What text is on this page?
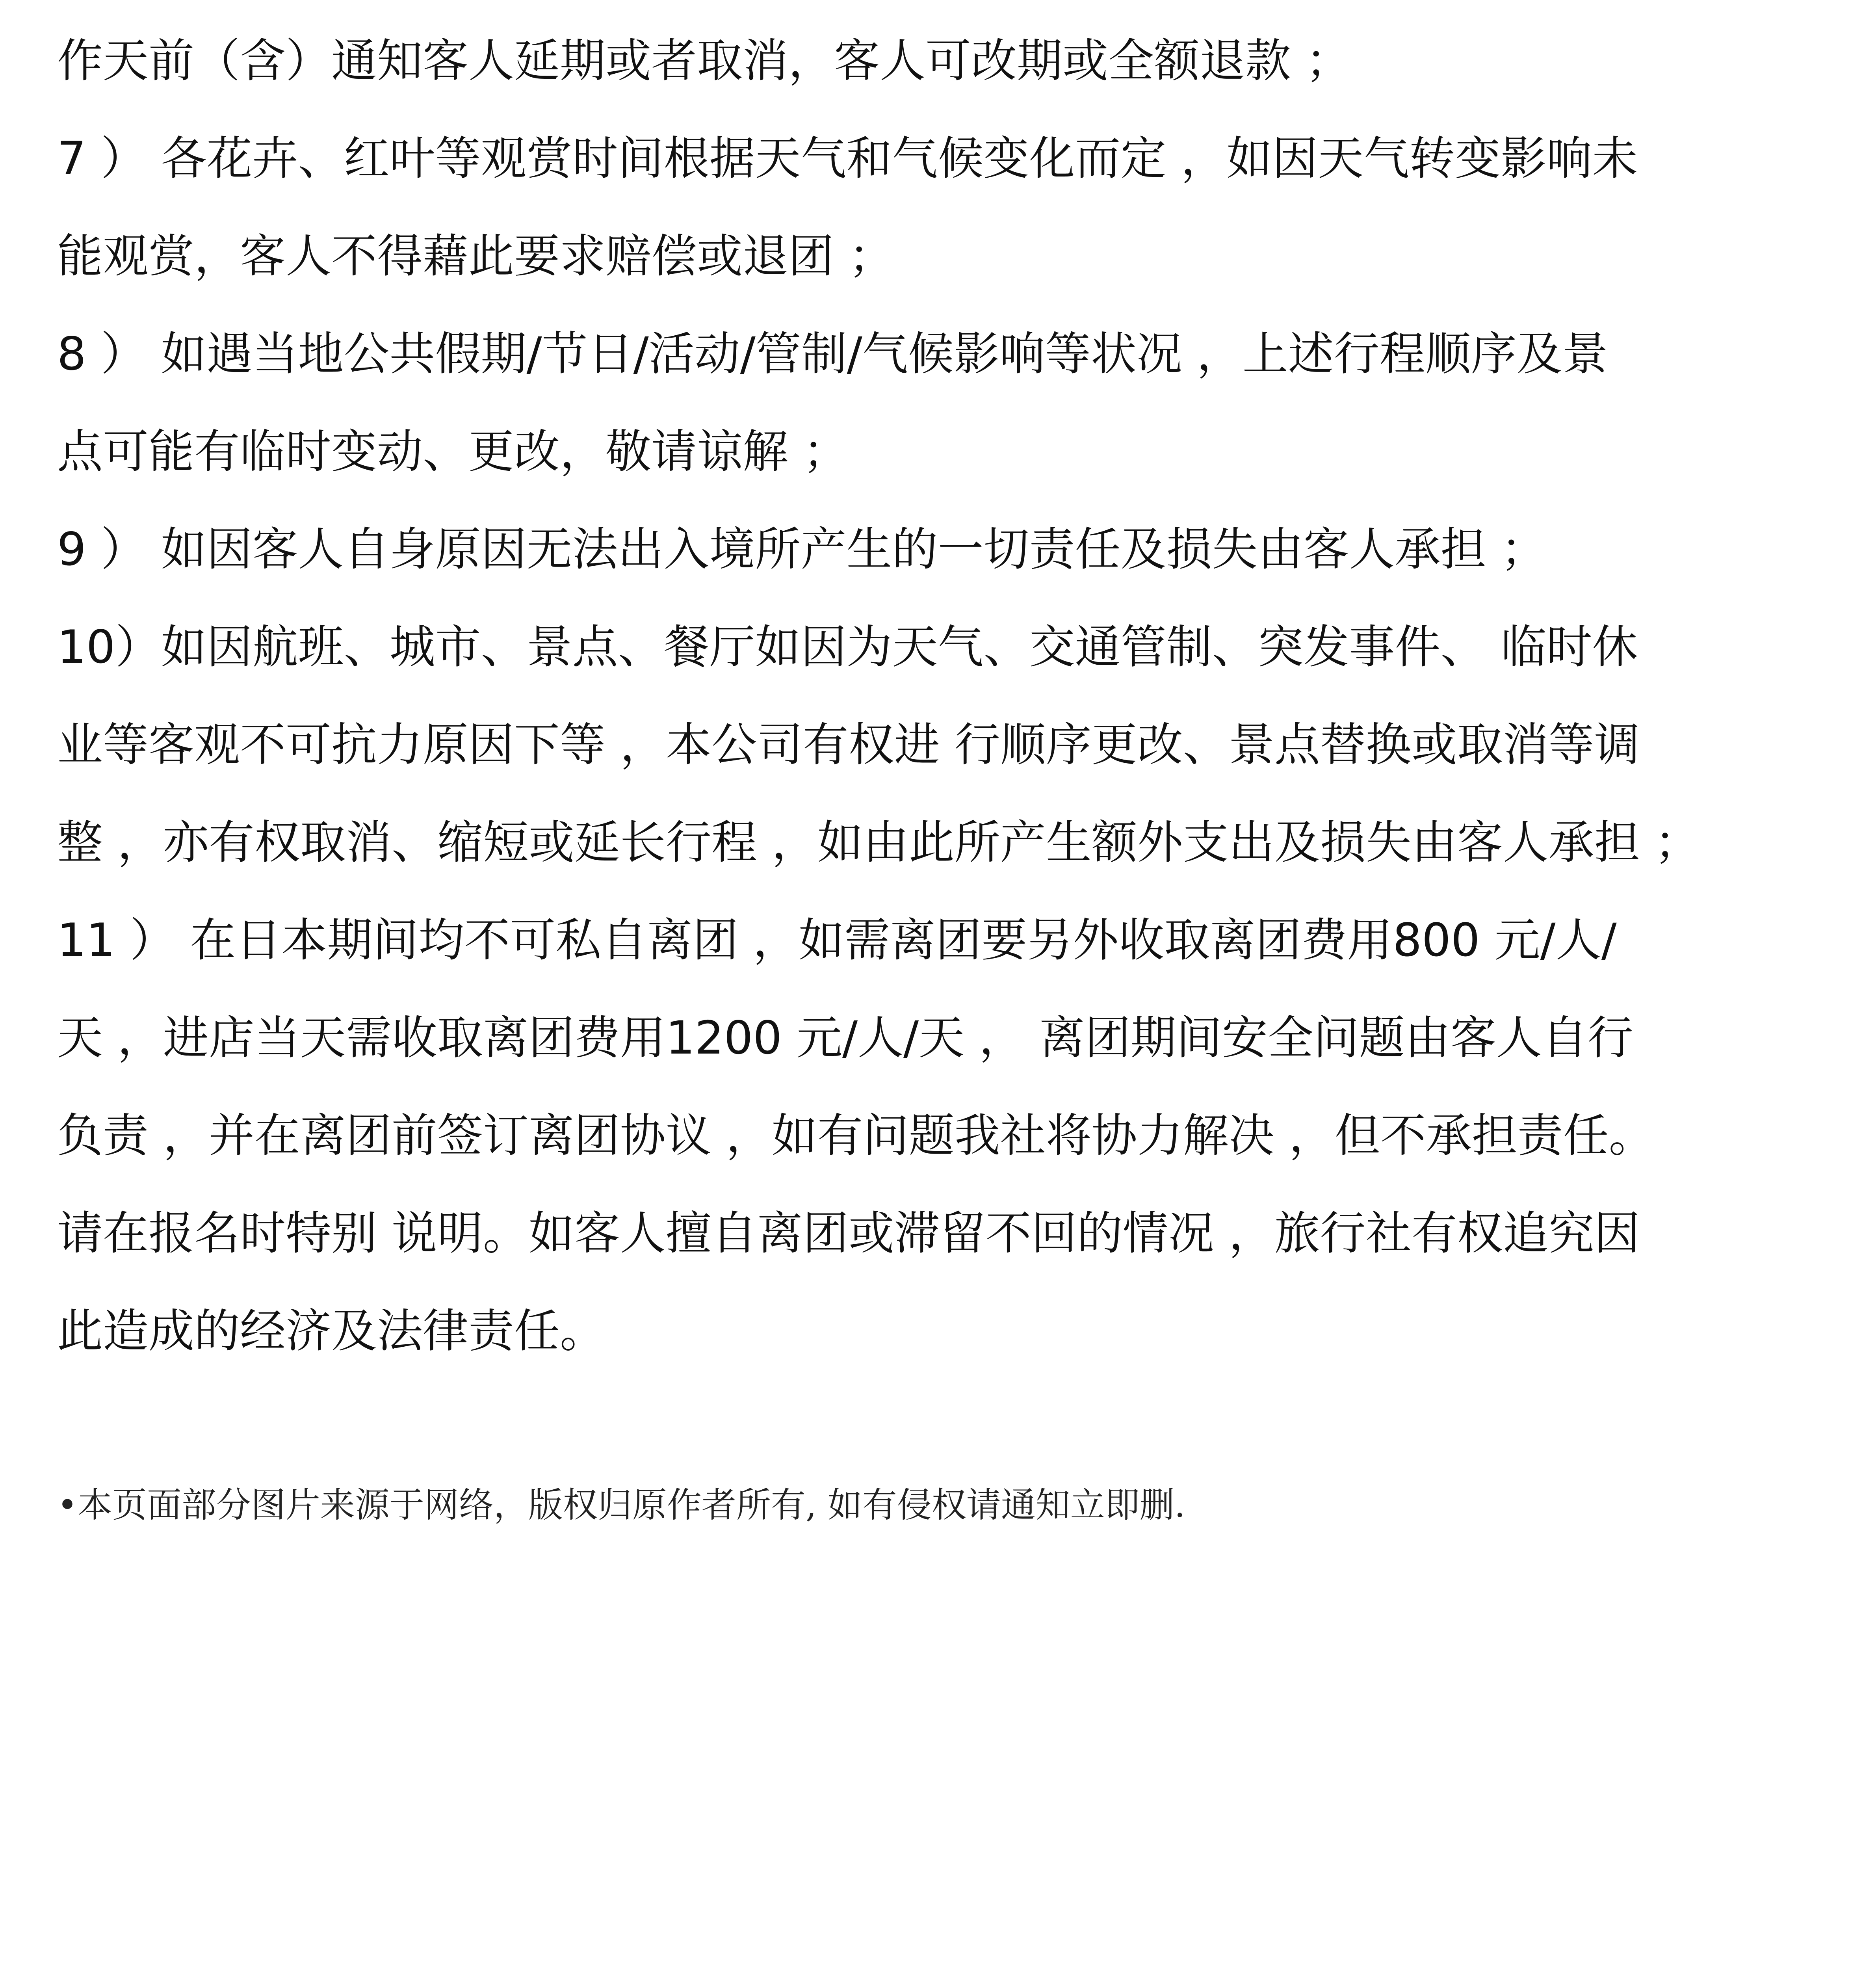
作天前（含）通知客人延期或者取消，客人可改期或全额退款 ；
7 ） 各花卉、红叶等观赏时间根据天气和气候变化而定 ，如因天气转变影响未
能观赏，客人不得藉此要求赔偿或退团 ；
8 ） 如遇当地公共假期/节日/活动/管制/气候影响等状况 ，上述行程顺序及景
点可能有临时变动、更改，敬请谅解 ；
9 ） 如因客人自身原因无法出入境所产生的一切责任及损失由客人承担 ；
10）如因航班、城市、景点、餐厅如因为天气、交通管制、突发事件、 临时休
业等客观不可抗力原因下等 ，本公司有权进 行顺序更改、景点替换或取消等调
整 ，亦有权取消、缩短或延长行程 ，如由此所产生额外支出及损失由客人承担 ；
11 ） 在日本期间均不可私自离团 ，如需离团要另外收取离团费用800 元/人/
天 ，进店当天需收取离团费用1200 元/人/天 ， 离团期间安全问题由客人自行
负责 ，并在离团前签订离团协议 ，如有问题我社将协力解决 ，但不承担责任。
请在报名时特别 说明。如客人擅自离团或滞留不回的情况 ，旅行社有权追究因
此造成的经济及法律责任。
•本页面部分图片来源于网络，版权归原作者所有, 如有侵权请通知立即删.
